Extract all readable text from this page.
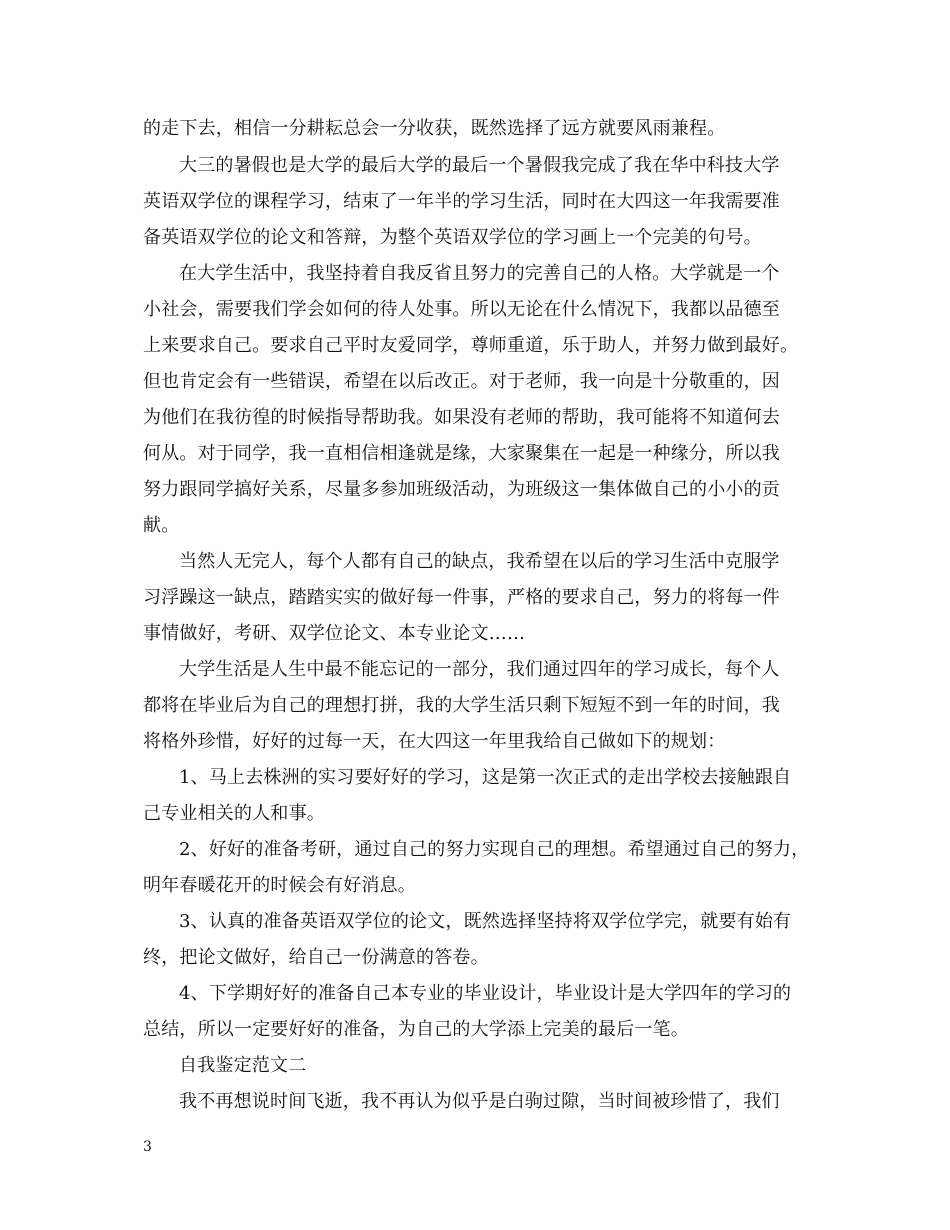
的走下去，相信一分耕耘总会一分收获，既然选择了远方就要风雨兼程。
大三的暑假也是大学的最后大学的最后一个暑假我完成了我在华中科技大学
英语双学位的课程学习，结束了一年半的学习生活，同时在大四这一年我需要准
备英语双学位的论文和答辩，为整个英语双学位的学习画上一个完美的句号。
在大学生活中，我坚持着自我反省且努力的完善自己的人格。大学就是一个
小社会，需要我们学会如何的待人处事。所以无论在什么情况下，我都以品德至
上来要求自己。要求自己平时友爱同学，尊师重道，乐于助人，并努力做到最好。
但也肯定会有一些错误，希望在以后改正。对于老师，我一向是十分敬重的，因
为他们在我彷徨的时候指导帮助我。如果没有老师的帮助，我可能将不知道何去
何从。对于同学，我一直相信相逢就是缘，大家聚集在一起是一种缘分，所以我
努力跟同学搞好关系，尽量多参加班级活动，为班级这一集体做自己的小小的贡
献。
当然人无完人，每个人都有自己的缺点，我希望在以后的学习生活中克服学
习浮躁这一缺点，踏踏实实的做好每一件事，严格的要求自己，努力的将每一件
事情做好，考研、双学位论文、本专业论文……
大学生活是人生中最不能忘记的一部分，我们通过四年的学习成长，每个人
都将在毕业后为自己的理想打拼，我的大学生活只剩下短短不到一年的时间，我
将格外珍惜，好好的过每一天，在大四这一年里我给自己做如下的规划：
1、马上去株洲的实习要好好的学习，这是第一次正式的走出学校去接触跟自
己专业相关的人和事。
2、好好的准备考研，通过自己的努力实现自己的理想。希望通过自己的努力，
明年春暖花开的时候会有好消息。
3、认真的准备英语双学位的论文，既然选择坚持将双学位学完，就要有始有
终，把论文做好，给自己一份满意的答卷。
4、下学期好好的准备自己本专业的毕业设计，毕业设计是大学四年的学习的
总结，所以一定要好好的准备，为自己的大学添上完美的最后一笔。
自我鉴定范文二
我不再想说时间飞逝，我不再认为似乎是白驹过隙，当时间被珍惜了，我们
3
